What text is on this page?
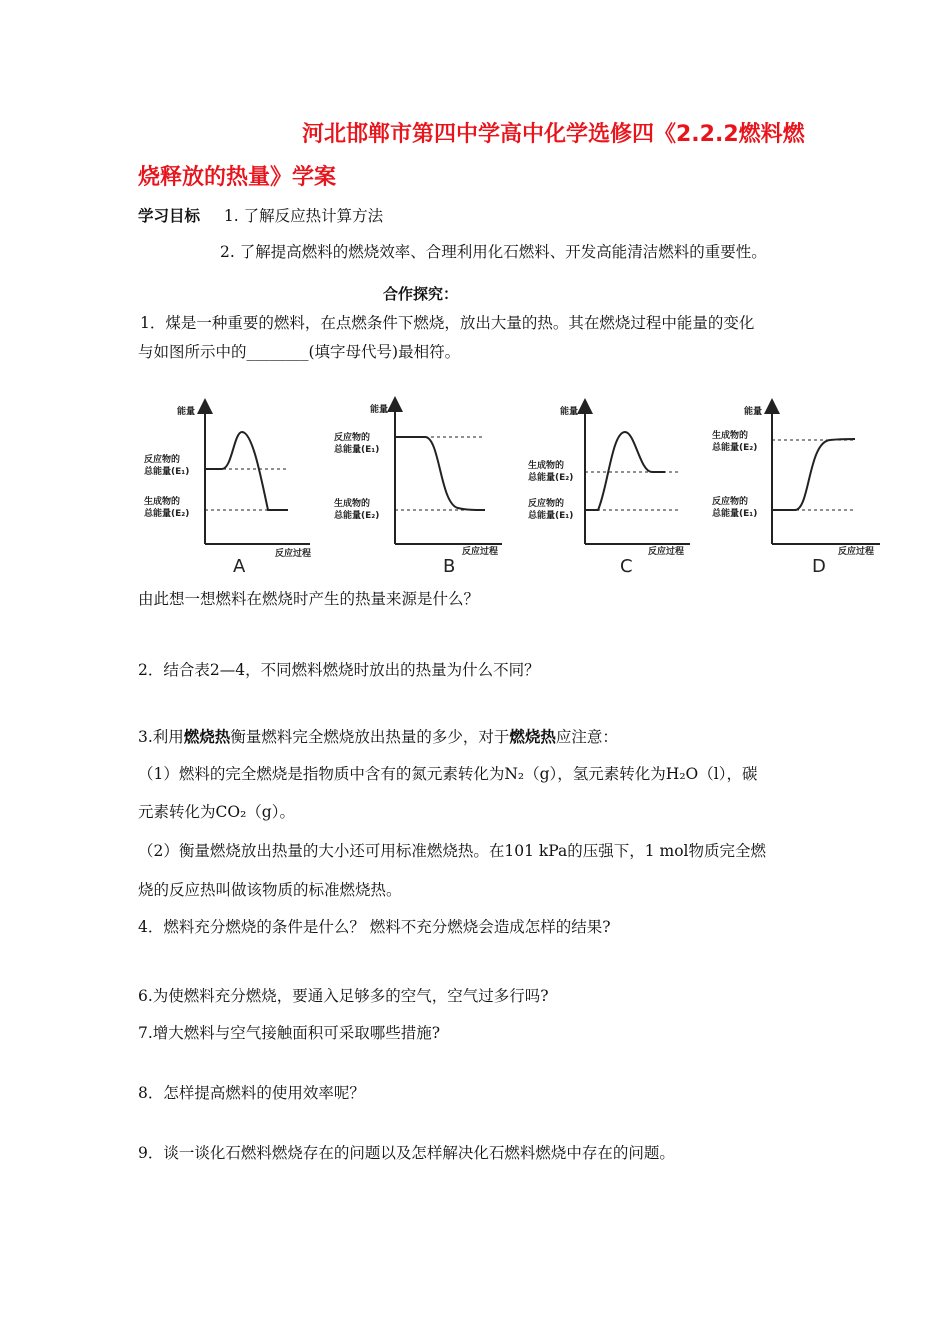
河北邯郸市第四中学高中化学选修四《2.2.2燃料燃
烧释放的热量》学案
学习目标 1. 了解反应热计算方法
2. 了解提高燃料的燃烧效率、合理利用化石燃料、开发高能清洁燃料的重要性。
合作探究：
1．煤是一种重要的燃料，在点燃条件下燃烧，放出大量的热。其在燃烧过程中能量的变化
与如图所示中的________(填字母代号)最相符。
能量
反应物的
总能量(E₁)
生成物的
总能量(E₂)
反应过程
A
能量
反应物的
总能量(E₁)
生成物的
总能量(E₂)
反应过程
B
能量
生成物的
总能量(E₂)
反应物的
总能量(E₁)
反应过程
C
能量
生成物的
总能量(E₂)
反应物的
总能量(E₁)
反应过程
D
由此想一想燃料在燃烧时产生的热量来源是什么？
2．结合表2—4，不同燃料燃烧时放出的热量为什么不同？
3.利用燃烧热衡量燃料完全燃烧放出热量的多少，对于燃烧热应注意：
（1）燃料的完全燃烧是指物质中含有的氮元素转化为N₂（g），氢元素转化为H₂O（l），碳
元素转化为CO₂（g）。
（2）衡量燃烧放出热量的大小还可用标准燃烧热。在101 kPa的压强下，1 mol物质完全燃
烧的反应热叫做该物质的标准燃烧热。
4．燃料充分燃烧的条件是什么？ 燃料不充分燃烧会造成怎样的结果?
6.为使燃料充分燃烧，要通入足够多的空气，空气过多行吗?
7.增大燃料与空气接触面积可采取哪些措施?
8．怎样提高燃料的使用效率呢？
9．谈一谈化石燃料燃烧存在的问题以及怎样解决化石燃料燃烧中存在的问题。
